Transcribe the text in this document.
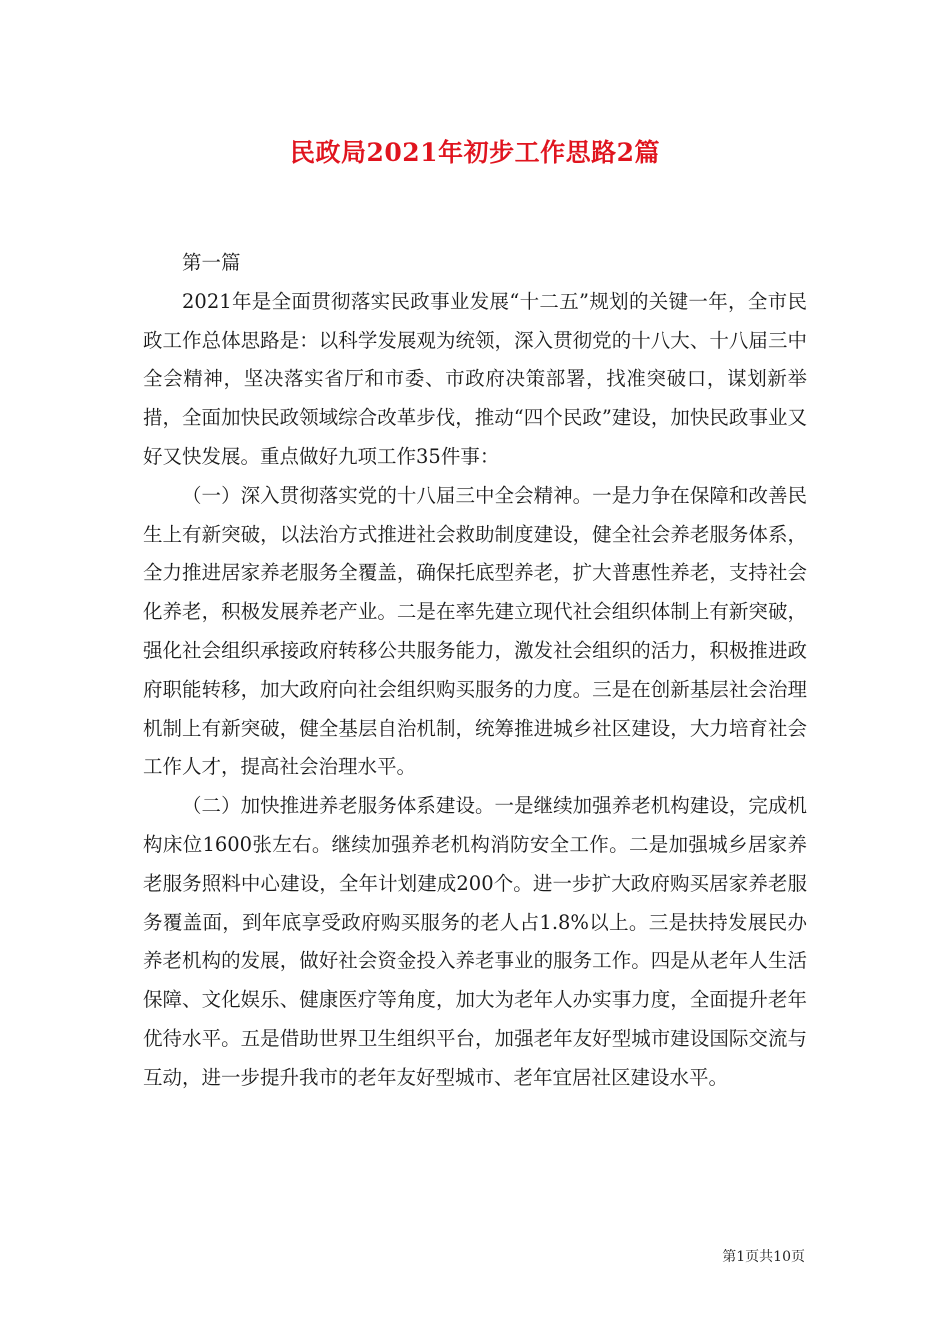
民政局2021年初步工作思路2篇

第一篇

2021年是全面贯彻落实民政事业发展“十二五”规划的关键一年，全市民政工作总体思路是：以科学发展观为统领，深入贯彻党的十八大、十八届三中全会精神，坚决落实省厅和市委、市政府决策部署，找准突破口，谋划新举措，全面加快民政领域综合改革步伐，推动“四个民政”建设，加快民政事业又好又快发展。重点做好九项工作35件事：

（一）深入贯彻落实党的十八届三中全会精神。一是力争在保障和改善民生上有新突破，以法治方式推进社会救助制度建设，健全社会养老服务体系，全力推进居家养老服务全覆盖，确保托底型养老，扩大普惠性养老，支持社会化养老，积极发展养老产业。二是在率先建立现代社会组织体制上有新突破，强化社会组织承接政府转移公共服务能力，激发社会组织的活力，积极推进政府职能转移，加大政府向社会组织购买服务的力度。三是在创新基层社会治理机制上有新突破，健全基层自治机制，统筹推进城乡社区建设，大力培育社会工作人才，提高社会治理水平。

（二）加快推进养老服务体系建设。一是继续加强养老机构建设，完成机构床位1600张左右。继续加强养老机构消防安全工作。二是加强城乡居家养老服务照料中心建设，全年计划建成200个。进一步扩大政府购买居家养老服务覆盖面，到年底享受政府购买服务的老人占1.8%以上。三是扶持发展民办养老机构的发展，做好社会资金投入养老事业的服务工作。四是从老年人生活保障、文化娱乐、健康医疗等角度，加大为老年人办实事力度，全面提升老年优待水平。五是借助世界卫生组织平台，加强老年友好型城市建设国际交流与互动，进一步提升我市的老年友好型城市、老年宜居社区建设水平。

第1页共10页
